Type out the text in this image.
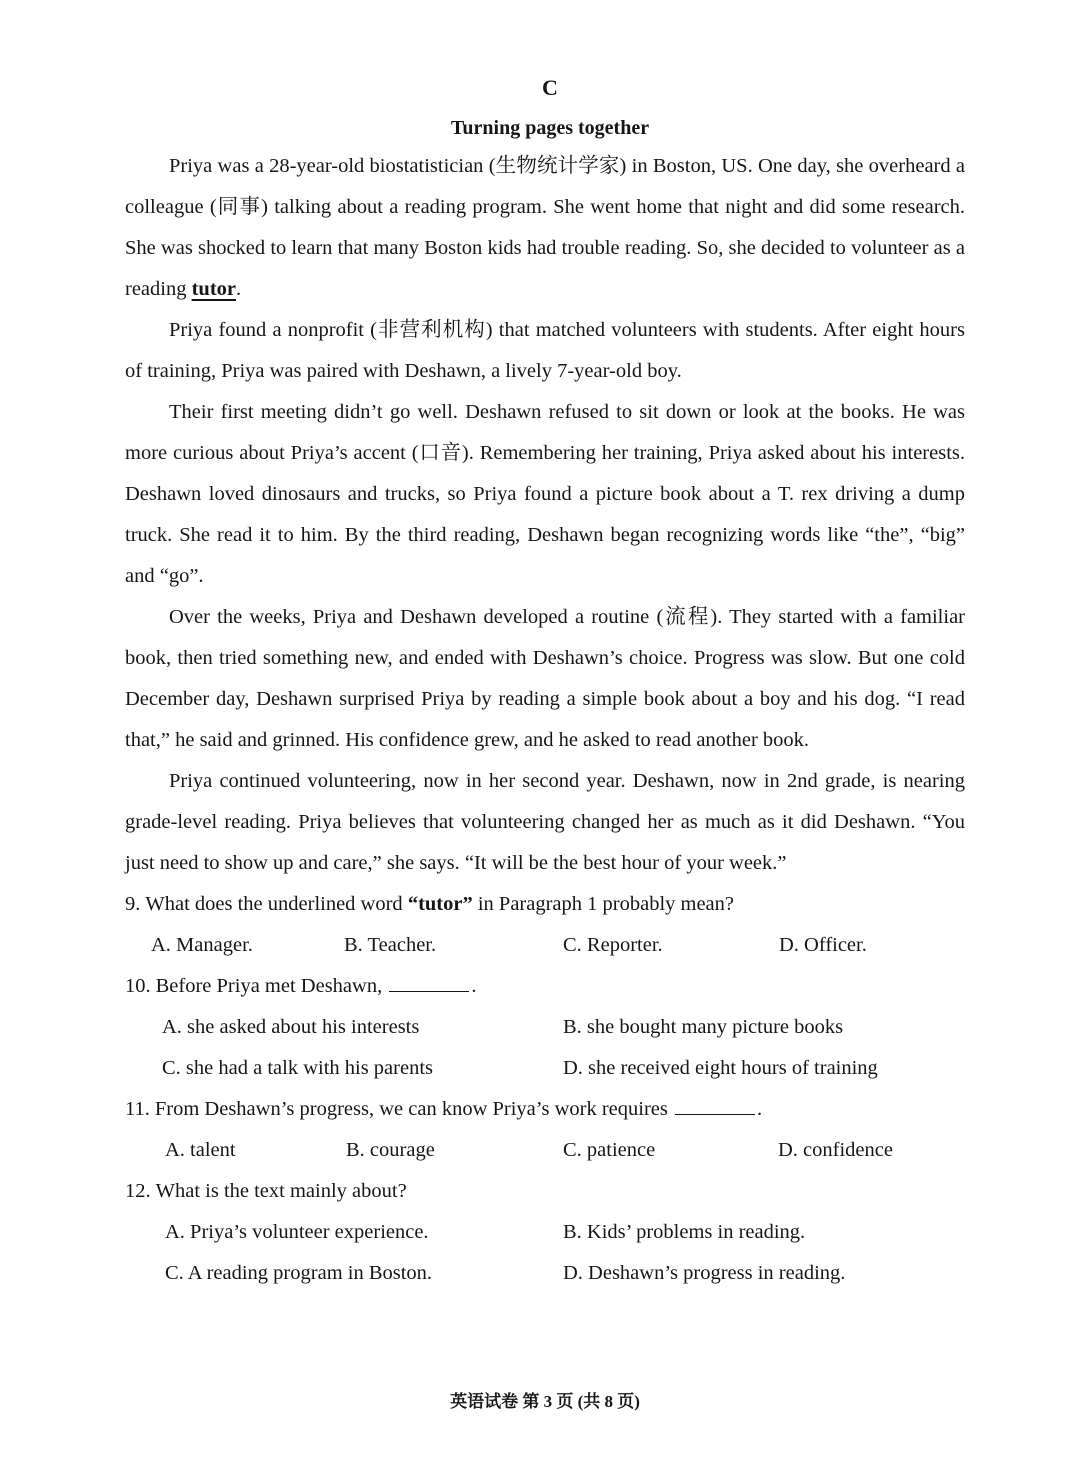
C

Turning pages together

Priya was a 28-year-old biostatistician (生物统计学家) in Boston, US. One day, she overheard a colleague (同事) talking about a reading program. She went home that night and did some research. She was shocked to learn that many Boston kids had trouble reading. So, she decided to volunteer as a reading tutor.

Priya found a nonprofit (非营利机构) that matched volunteers with students. After eight hours of training, Priya was paired with Deshawn, a lively 7-year-old boy.

Their first meeting didn’t go well. Deshawn refused to sit down or look at the books. He was more curious about Priya’s accent (口音). Remembering her training, Priya asked about his interests. Deshawn loved dinosaurs and trucks, so Priya found a picture book about a T. rex driving a dump truck. She read it to him. By the third reading, Deshawn began recognizing words like “the”, “big” and “go”.

Over the weeks, Priya and Deshawn developed a routine (流程). They started with a familiar book, then tried something new, and ended with Deshawn’s choice. Progress was slow. But one cold December day, Deshawn surprised Priya by reading a simple book about a boy and his dog. “I read that,” he said and grinned. His confidence grew, and he asked to read another book.

Priya continued volunteering, now in her second year. Deshawn, now in 2nd grade, is nearing grade-level reading. Priya believes that volunteering changed her as much as it did Deshawn. “You just need to show up and care,” she says. “It will be the best hour of your week.”

9. What does the underlined word “tutor” in Paragraph 1 probably mean?

A. Manager.	B. Teacher.	C. Reporter.	D. Officer.

10. Before Priya met Deshawn,	.

A. she asked about his interests	B. she bought many picture books
C. she had a talk with his parents	D. she received eight hours of training

11. From Deshawn’s progress, we can know Priya’s work requires	.

A. talent	B. courage	C. patience	D. confidence

12. What is the text mainly about?

A. Priya’s volunteer experience.	B. Kids’ problems in reading.
C. A reading program in Boston.	D. Deshawn’s progress in reading.
英语试卷 第 3 页 (共 8 页)
